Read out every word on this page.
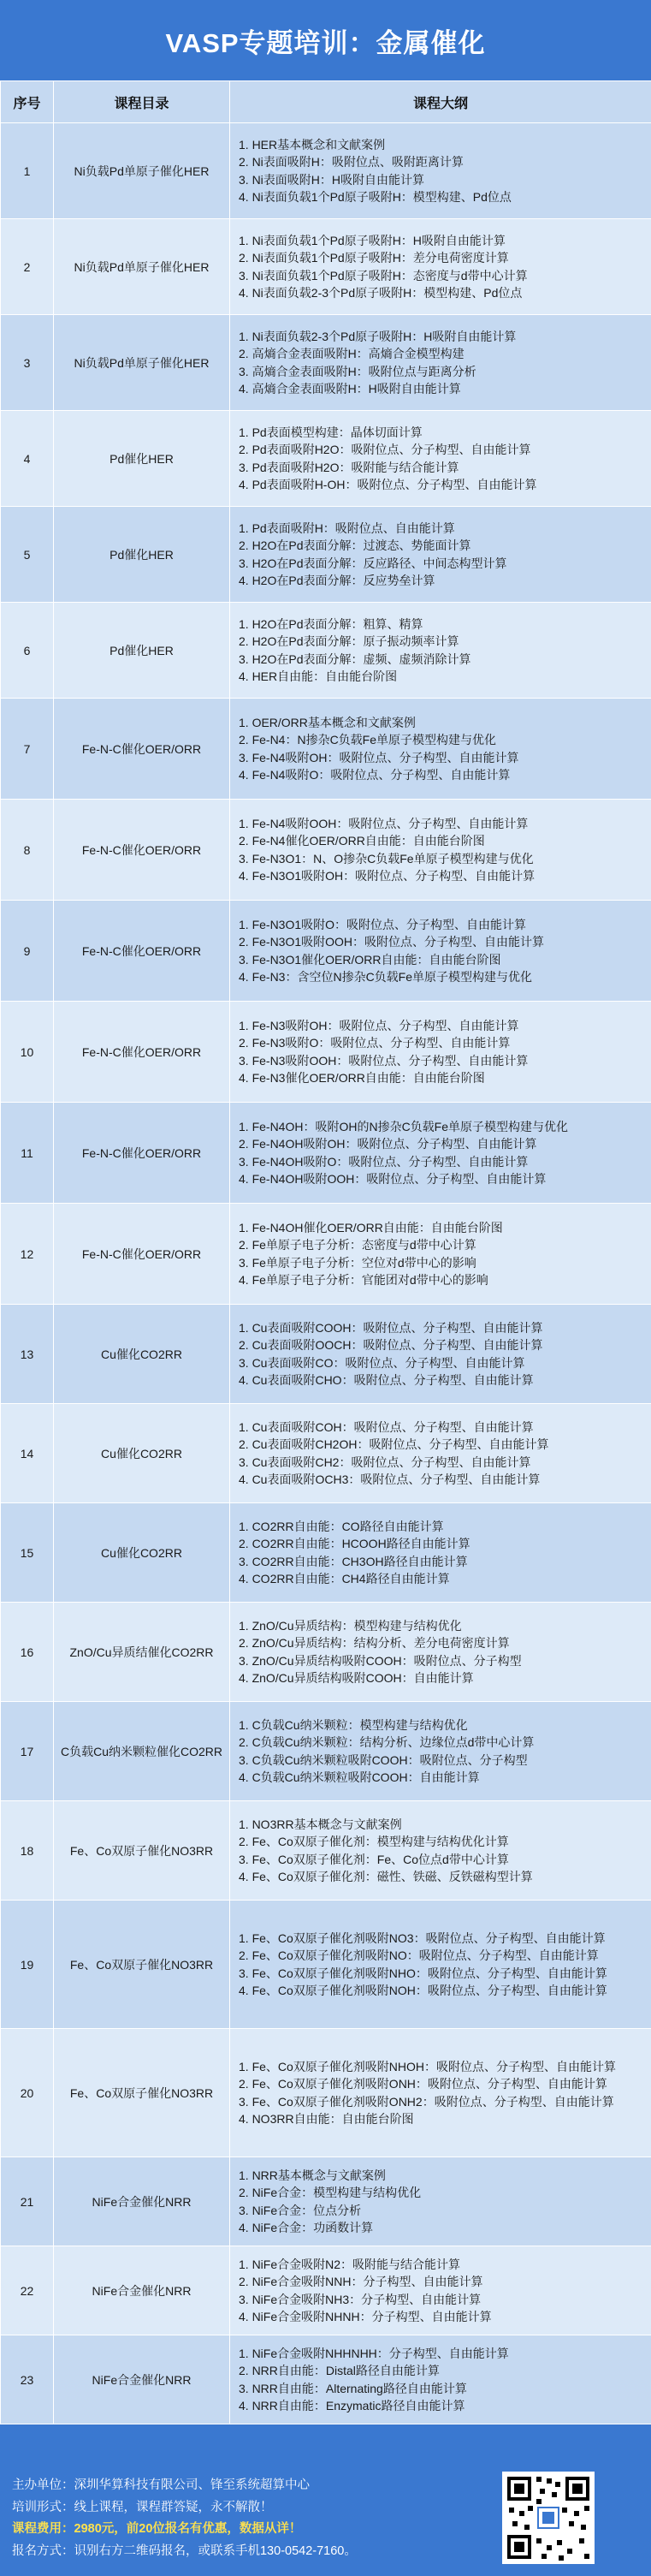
VASP专题培训：金属催化
序号	课程目录	课程大纲
1	Ni负载Pd单原子催化HER	1. HER基本概念和文献案例
2. Ni表面吸附H：吸附位点、吸附距离计算
3. Ni表面吸附H：H吸附自由能计算
4. Ni表面负载1个Pd原子吸附H：模型构建、Pd位点

2	Ni负载Pd单原子催化HER	1. Ni表面负载1个Pd原子吸附H：H吸附自由能计算
2. Ni表面负载1个Pd原子吸附H：差分电荷密度计算
3. Ni表面负载1个Pd原子吸附H：态密度与d带中心计算
4. Ni表面负载2-3个Pd原子吸附H：模型构建、Pd位点

3	Ni负载Pd单原子催化HER	1. Ni表面负载2-3个Pd原子吸附H：H吸附自由能计算
2. 高熵合金表面吸附H：高熵合金模型构建
3. 高熵合金表面吸附H：吸附位点与距离分析
4. 高熵合金表面吸附H：H吸附自由能计算

4	Pd催化HER	1. Pd表面模型构建：晶体切面计算
2. Pd表面吸附H2O：吸附位点、分子构型、自由能计算
3. Pd表面吸附H2O：吸附能与结合能计算
4. Pd表面吸附H-OH：吸附位点、分子构型、自由能计算

5	Pd催化HER	1. Pd表面吸附H：吸附位点、自由能计算
2. H2O在Pd表面分解：过渡态、势能面计算
3. H2O在Pd表面分解：反应路径、中间态构型计算
4. H2O在Pd表面分解：反应势垒计算

6	Pd催化HER	1. H2O在Pd表面分解：粗算、精算
2. H2O在Pd表面分解：原子振动频率计算
3. H2O在Pd表面分解：虚频、虚频消除计算
4. HER自由能：自由能台阶图

7	Fe-N-C催化OER/ORR	1. OER/ORR基本概念和文献案例
2. Fe-N4：N掺杂C负载Fe单原子模型构建与优化
3. Fe-N4吸附OH：吸附位点、分子构型、自由能计算
4. Fe-N4吸附O：吸附位点、分子构型、自由能计算

8	Fe-N-C催化OER/ORR	1. Fe-N4吸附OOH：吸附位点、分子构型、自由能计算
2. Fe-N4催化OER/ORR自由能：自由能台阶图
3. Fe-N3O1：N、O掺杂C负载Fe单原子模型构建与优化
4. Fe-N3O1吸附OH：吸附位点、分子构型、自由能计算

9	Fe-N-C催化OER/ORR	1. Fe-N3O1吸附O：吸附位点、分子构型、自由能计算
2. Fe-N3O1吸附OOH：吸附位点、分子构型、自由能计算
3. Fe-N3O1催化OER/ORR自由能：自由能台阶图
4. Fe-N3：含空位N掺杂C负载Fe单原子模型构建与优化

10	Fe-N-C催化OER/ORR	1. Fe-N3吸附OH：吸附位点、分子构型、自由能计算
2. Fe-N3吸附O：吸附位点、分子构型、自由能计算
3. Fe-N3吸附OOH：吸附位点、分子构型、自由能计算
4. Fe-N3催化OER/ORR自由能：自由能台阶图

11	Fe-N-C催化OER/ORR	1. Fe-N4OH：吸附OH的N掺杂C负载Fe单原子模型构建与优化
2. Fe-N4OH吸附OH：吸附位点、分子构型、自由能计算
3. Fe-N4OH吸附O：吸附位点、分子构型、自由能计算
4. Fe-N4OH吸附OOH：吸附位点、分子构型、自由能计算

12	Fe-N-C催化OER/ORR	1. Fe-N4OH催化OER/ORR自由能：自由能台阶图
2. Fe单原子电子分析：态密度与d带中心计算
3. Fe单原子电子分析：空位对d带中心的影响
4. Fe单原子电子分析：官能团对d带中心的影响

13	Cu催化CO2RR	1. Cu表面吸附COOH：吸附位点、分子构型、自由能计算
2. Cu表面吸附OOCH：吸附位点、分子构型、自由能计算
3. Cu表面吸附CO：吸附位点、分子构型、自由能计算
4. Cu表面吸附CHO：吸附位点、分子构型、自由能计算

14	Cu催化CO2RR	1. Cu表面吸附COH：吸附位点、分子构型、自由能计算
2. Cu表面吸附CH2OH：吸附位点、分子构型、自由能计算
3. Cu表面吸附CH2：吸附位点、分子构型、自由能计算
4. Cu表面吸附OCH3：吸附位点、分子构型、自由能计算

15	Cu催化CO2RR	1. CO2RR自由能：CO路径自由能计算
2. CO2RR自由能：HCOOH路径自由能计算
3. CO2RR自由能：CH3OH路径自由能计算
4. CO2RR自由能：CH4路径自由能计算

16	ZnO/Cu异质结催化CO2RR	1. ZnO/Cu异质结构：模型构建与结构优化
2. ZnO/Cu异质结构：结构分析、差分电荷密度计算
3. ZnO/Cu异质结构吸附COOH：吸附位点、分子构型
4. ZnO/Cu异质结构吸附COOH：自由能计算

17	C负载Cu纳米颗粒催化CO2RR	1. C负载Cu纳米颗粒：模型构建与结构优化
2. C负载Cu纳米颗粒：结构分析、边缘位点d带中心计算
3. C负载Cu纳米颗粒吸附COOH：吸附位点、分子构型
4. C负载Cu纳米颗粒吸附COOH：自由能计算

18	Fe、Co双原子催化NO3RR	1. NO3RR基本概念与文献案例
2. Fe、Co双原子催化剂：模型构建与结构优化计算
3. Fe、Co双原子催化剂：Fe、Co位点d带中心计算
4. Fe、Co双原子催化剂：磁性、铁磁、反铁磁构型计算

19	Fe、Co双原子催化NO3RR	1. Fe、Co双原子催化剂吸附NO3：吸附位点、分子构型、自由能计算
2. Fe、Co双原子催化剂吸附NO：吸附位点、分子构型、自由能计算
3. Fe、Co双原子催化剂吸附NHO：吸附位点、分子构型、自由能计算
4. Fe、Co双原子催化剂吸附NOH：吸附位点、分子构型、自由能计算

20	Fe、Co双原子催化NO3RR	1. Fe、Co双原子催化剂吸附NHOH：吸附位点、分子构型、自由能计算
2. Fe、Co双原子催化剂吸附ONH：吸附位点、分子构型、自由能计算
3. Fe、Co双原子催化剂吸附ONH2：吸附位点、分子构型、自由能计算
4. NO3RR自由能：自由能台阶图

21	NiFe合金催化NRR	1. NRR基本概念与文献案例
2. NiFe合金：模型构建与结构优化
3. NiFe合金：位点分析
4. NiFe合金：功函数计算

22	NiFe合金催化NRR	1. NiFe合金吸附N2：吸附能与结合能计算
2. NiFe合金吸附NNH：分子构型、自由能计算
3. NiFe合金吸附NH3：分子构型、自由能计算
4. NiFe合金吸附NHNH：分子构型、自由能计算

23	NiFe合金催化NRR	1. NiFe合金吸附NHHNHH：分子构型、自由能计算
2. NRR自由能：Distal路径自由能计算
3. NRR自由能：Alternating路径自由能计算
4. NRR自由能：Enzymatic路径自由能计算
主办单位：深圳华算科技有限公司、锋至系统超算中心
培训形式：线上课程，课程群答疑，永不解散！
课程费用：2980元，前20位报名有优惠，数据从详！
报名方式：识别右方二维码报名，或联系手机130-0542-7160。
